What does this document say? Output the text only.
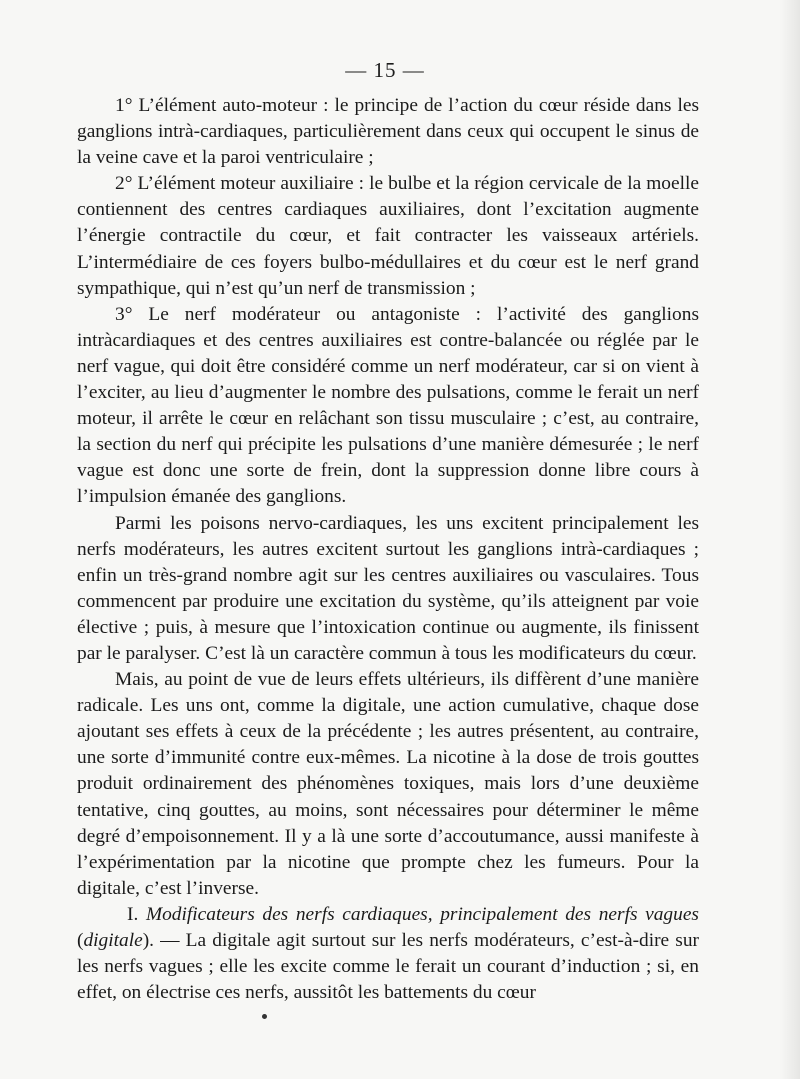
— 15 —

1° L’élément auto-moteur : le principe de l’action du cœur réside dans les ganglions intrà-cardiaques, particulièrement dans ceux qui occupent le sinus de la veine cave et la paroi ventriculaire ;

2° L’élément moteur auxiliaire : le bulbe et la région cervicale de la moelle contiennent des centres cardiaques auxiliaires, dont l’excitation augmente l’énergie contractile du cœur, et fait contracter les vaisseaux artériels. L’intermédiaire de ces foyers bulbo-médullaires et du cœur est le nerf grand sympathique, qui n’est qu’un nerf de transmission ;

3° Le nerf modérateur ou antagoniste : l’activité des ganglions intràcardiaques et des centres auxiliaires est contre-balancée ou réglée par le nerf vague, qui doit être considéré comme un nerf modérateur, car si on vient à l’exciter, au lieu d’augmenter le nombre des pulsations, comme le ferait un nerf moteur, il arrête le cœur en relâchant son tissu musculaire ; c’est, au contraire, la section du nerf qui précipite les pulsations d’une manière démesurée ; le nerf vague est donc une sorte de frein, dont la suppression donne libre cours à l’impulsion émanée des ganglions.

Parmi les poisons nervo-cardiaques, les uns excitent principalement les nerfs modérateurs, les autres excitent surtout les ganglions intrà-cardiaques ; enfin un très-grand nombre agit sur les centres auxiliaires ou vasculaires. Tous commencent par produire une excitation du système, qu’ils atteignent par voie élective ; puis, à mesure que l’intoxication continue ou augmente, ils finissent par le paralyser. C’est là un caractère commun à tous les modificateurs du cœur.

Mais, au point de vue de leurs effets ultérieurs, ils diffèrent d’une manière radicale. Les uns ont, comme la digitale, une action cumulative, chaque dose ajoutant ses effets à ceux de la précédente ; les autres présentent, au contraire, une sorte d’immunité contre eux-mêmes. La nicotine à la dose de trois gouttes produit ordinairement des phénomènes toxiques, mais lors d’une deuxième tentative, cinq gouttes, au moins, sont nécessaires pour déterminer le même degré d’empoisonnement. Il y a là une sorte d’accoutumance, aussi manifeste à l’expérimentation par la nicotine que prompte chez les fumeurs. Pour la digitale, c’est l’inverse.

I. Modificateurs des nerfs cardiaques, principalement des nerfs vagues (digitale). — La digitale agit surtout sur les nerfs modérateurs, c’est-à-dire sur les nerfs vagues ; elle les excite comme le ferait un courant d’induction ; si, en effet, on électrise ces nerfs, aussitôt les battements du cœur
